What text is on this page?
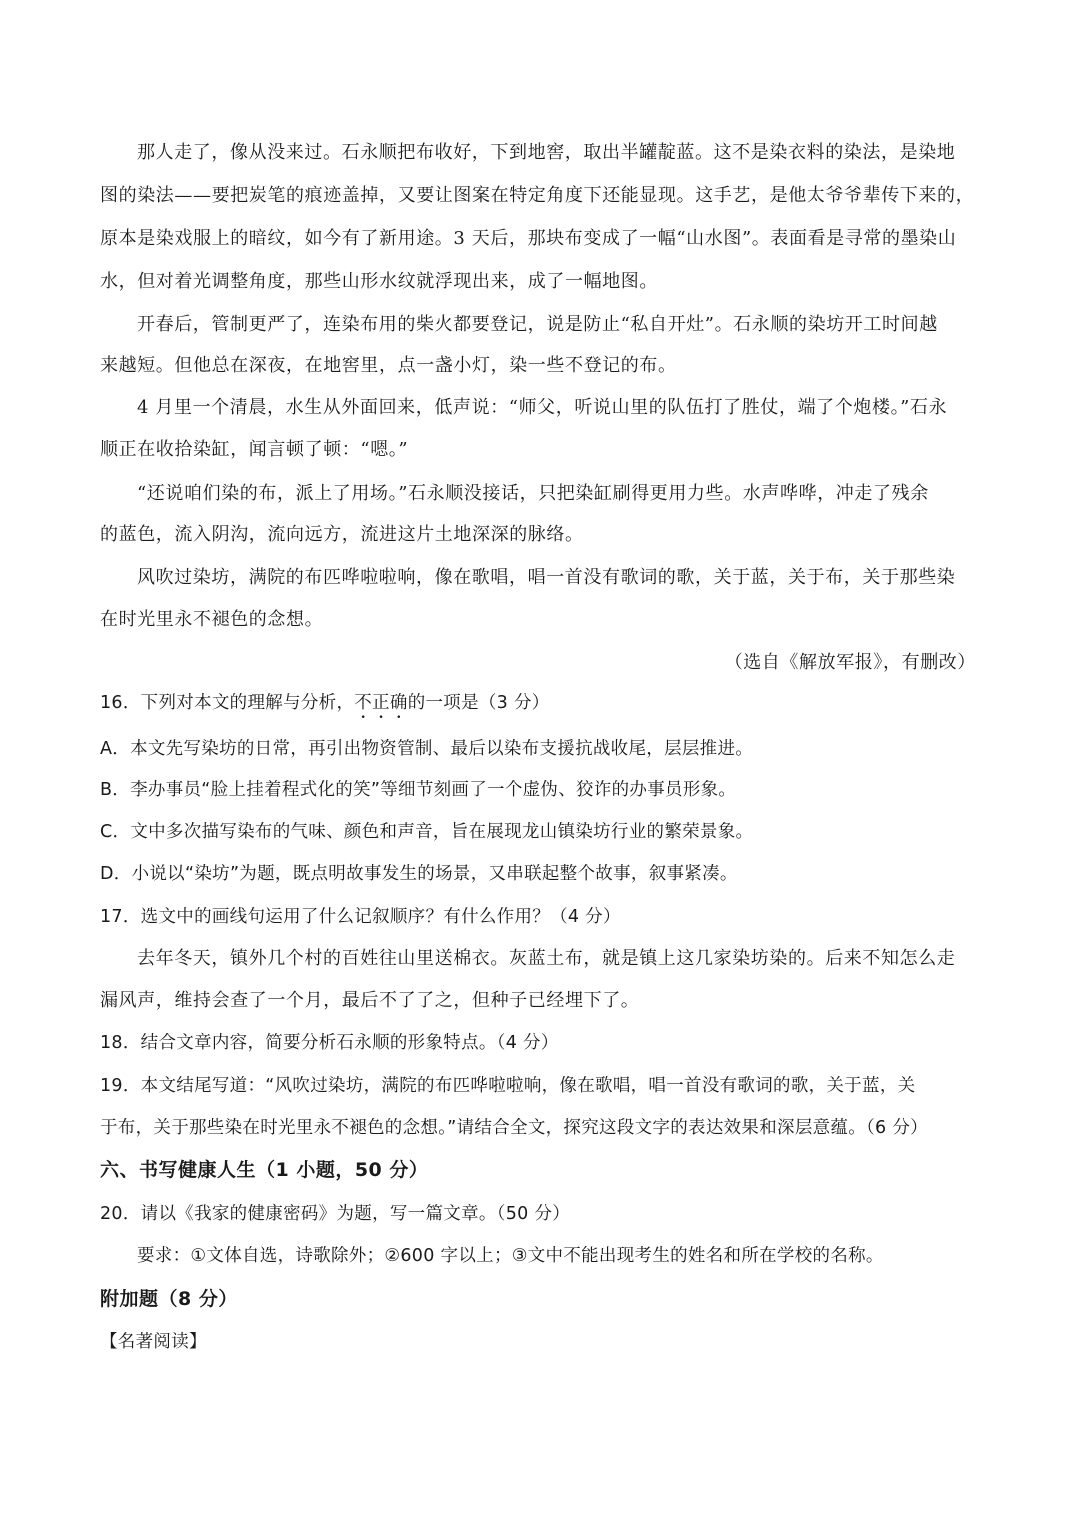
那人走了，像从没来过。石永顺把布收好，下到地窖，取出半罐靛蓝。这不是染衣料的染法，是染地
图的染法——要把炭笔的痕迹盖掉，又要让图案在特定角度下还能显现。这手艺，是他太爷爷辈传下来的，
原本是染戏服上的暗纹，如今有了新用途。3 天后，那块布变成了一幅“山水图”。表面看是寻常的墨染山
水，但对着光调整角度，那些山形水纹就浮现出来，成了一幅地图。
开春后，管制更严了，连染布用的柴火都要登记，说是防止“私自开灶”。石永顺的染坊开工时间越
来越短。但他总在深夜，在地窖里，点一盏小灯，染一些不登记的布。
4 月里一个清晨，水生从外面回来，低声说：“师父，听说山里的队伍打了胜仗，端了个炮楼。”石永
顺正在收拾染缸，闻言顿了顿：“嗯。”
“还说咱们染的布，派上了用场。”石永顺没接话，只把染缸刷得更用力些。水声哗哗，冲走了残余
的蓝色，流入阴沟，流向远方，流进这片土地深深的脉络。
风吹过染坊，满院的布匹哗啦啦响，像在歌唱，唱一首没有歌词的歌，关于蓝，关于布，关于那些染
在时光里永不褪色的念想。
（选自《解放军报》，有删改）
16．下列对本文的理解与分析，不正确的一项是（3 分）
A．本文先写染坊的日常，再引出物资管制、最后以染布支援抗战收尾，层层推进。
B．李办事员“脸上挂着程式化的笑”等细节刻画了一个虚伪、狡诈的办事员形象。
C．文中多次描写染布的气味、颜色和声音，旨在展现龙山镇染坊行业的繁荣景象。
D．小说以“染坊”为题，既点明故事发生的场景，又串联起整个故事，叙事紧凑。
17．选文中的画线句运用了什么记叙顺序？有什么作用？（4 分）
去年冬天，镇外几个村的百姓往山里送棉衣。灰蓝土布，就是镇上这几家染坊染的。后来不知怎么走
漏风声，维持会查了一个月，最后不了了之，但种子已经埋下了。
18．结合文章内容，简要分析石永顺的形象特点。（4 分）
19．本文结尾写道：“风吹过染坊，满院的布匹哗啦啦响，像在歌唱，唱一首没有歌词的歌，关于蓝，关
于布，关于那些染在时光里永不褪色的念想。”请结合全文，探究这段文字的表达效果和深层意蕴。（6 分）
六、书写健康人生（1 小题，50 分）
20．请以《我家的健康密码》为题，写一篇文章。（50 分）
要求：①文体自选，诗歌除外；②600 字以上；③文中不能出现考生的姓名和所在学校的名称。
附加题（8 分）
【名著阅读】
